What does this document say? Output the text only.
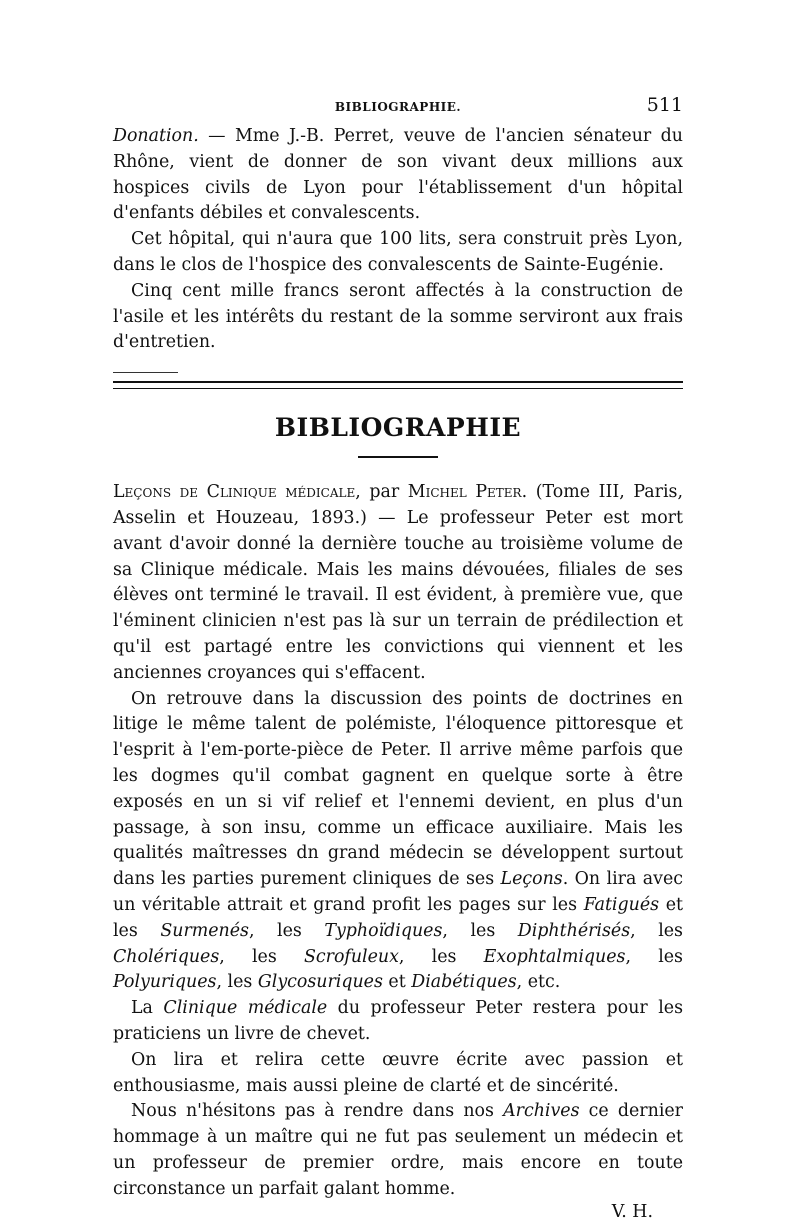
BIBLIOGRAPHIE.	511

Donation. — Mme J.-B. Perret, veuve de l'ancien sénateur du Rhône, vient de donner de son vivant deux millions aux hospices civils de Lyon pour l'établissement d'un hôpital d'enfants débiles et convalescents.

Cet hôpital, qui n'aura que 100 lits, sera construit près Lyon, dans le clos de l'hospice des convalescents de Sainte-Eugénie.

Cinq cent mille francs seront affectés à la construction de l'asile et les intérêts du restant de la somme serviront aux frais d'entretien.

BIBLIOGRAPHIE

Leçons de Clinique médicale, par Michel Peter. (Tome III, Paris, Asselin et Houzeau, 1893.) — Le professeur Peter est mort avant d'avoir donné la dernière touche au troisième volume de sa Clinique médicale. Mais les mains dévouées, filiales de ses élèves ont terminé le travail. Il est évident, à première vue, que l'éminent clinicien n'est pas là sur un terrain de prédilection et qu'il est partagé entre les convictions qui viennent et les anciennes croyances qui s'effacent.

On retrouve dans la discussion des points de doctrines en litige le même talent de polémiste, l'éloquence pittoresque et l'esprit à l'em-porte-pièce de Peter. Il arrive même parfois que les dogmes qu'il combat gagnent en quelque sorte à être exposés en un si vif relief et l'ennemi devient, en plus d'un passage, à son insu, comme un efficace auxiliaire. Mais les qualités maîtresses dn grand médecin se développent surtout dans les parties purement cliniques de ses Leçons. On lira avec un véritable attrait et grand profit les pages sur les Fatigués et les Surmenés, les Typhoïdiques, les Diphthérisés, les Cholériques, les Scrofuleux, les Exophtalmiques, les Polyuriques, les Glycosuriques et Diabétiques, etc.

La Clinique médicale du professeur Peter restera pour les praticiens un livre de chevet.

On lira et relira cette œuvre écrite avec passion et enthousiasme, mais aussi pleine de clarté et de sincérité.

Nous n'hésitons pas à rendre dans nos Archives ce dernier hommage à un maître qui ne fut pas seulement un médecin et un professeur de premier ordre, mais encore en toute circonstance un parfait galant homme.

V. H.
